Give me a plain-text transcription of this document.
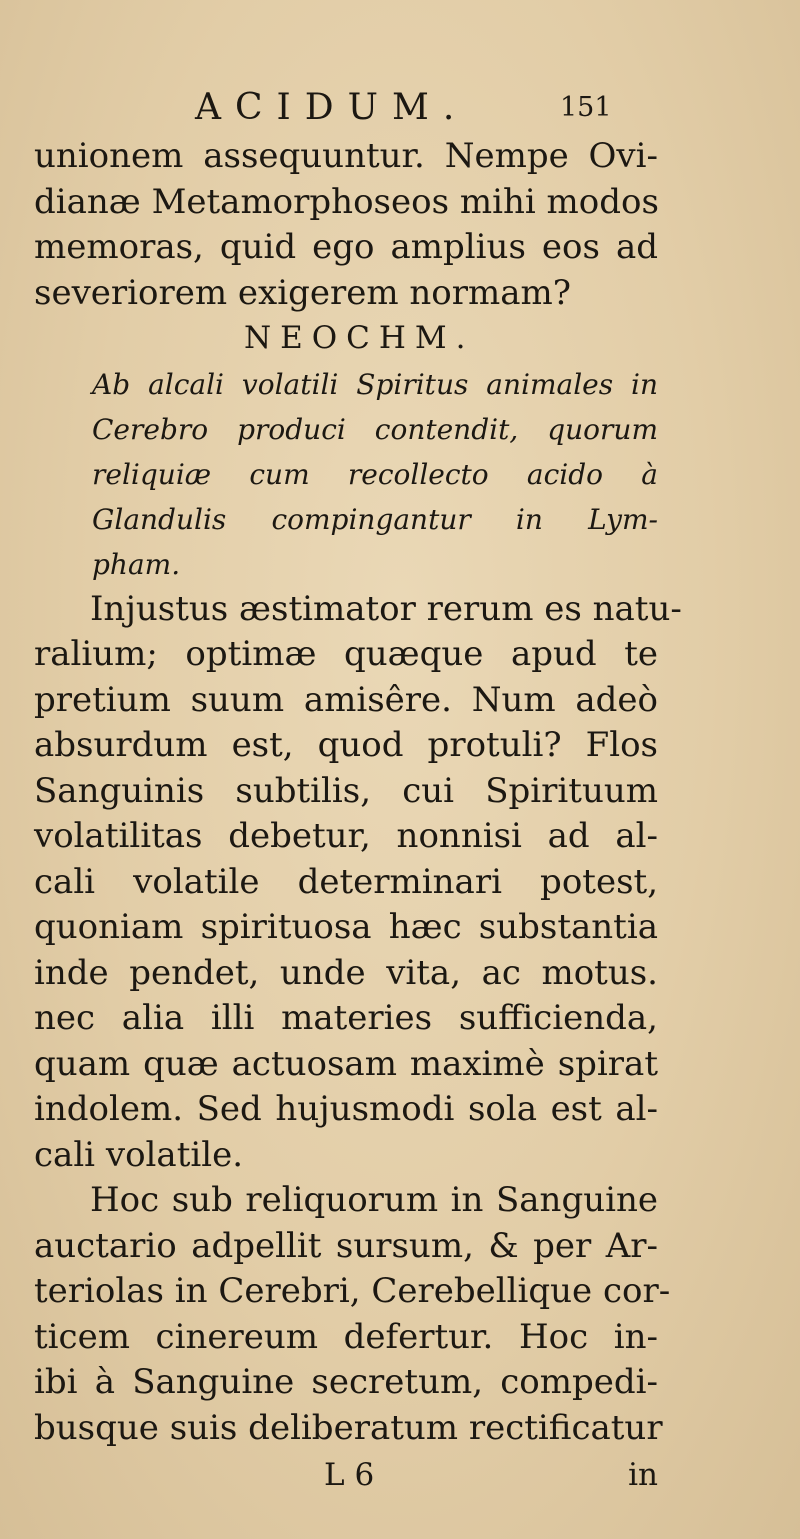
ACIDUM.	151
unionem assequuntur. Nempe Ovi-
dianæ Metamorphoseos mihi modos
memoras, quid ego amplius eos ad
severiorem exigerem normam?
NEOCHM.
Ab alcali volatili Spiritus animales in
Cerebro produci contendit, quorum
reliquiæ cum recollecto acido à
Glandulis compingantur in Lym-
pham.
Injustus æstimator rerum es natu-
ralium; optimæ quæque apud te
pretium suum amisêre. Num adeò
absurdum est, quod protuli? Flos
Sanguinis subtilis, cui Spirituum
volatilitas debetur, nonnisi ad al-
cali volatile determinari potest,
quoniam spirituosa hæc substantia
inde pendet, unde vita, ac motus.
nec alia illi materies sufficienda,
quam quæ actuosam maximè spirat
indolem. Sed hujusmodi sola est al-
cali volatile.
Hoc sub reliquorum in Sanguine
auctario adpellit sursum, & per Ar-
teriolas in Cerebri, Cerebellique cor-
ticem cinereum defertur. Hoc in-
ibi à Sanguine secretum, compedi-
busque suis deliberatum rectificatur
L 6	in
